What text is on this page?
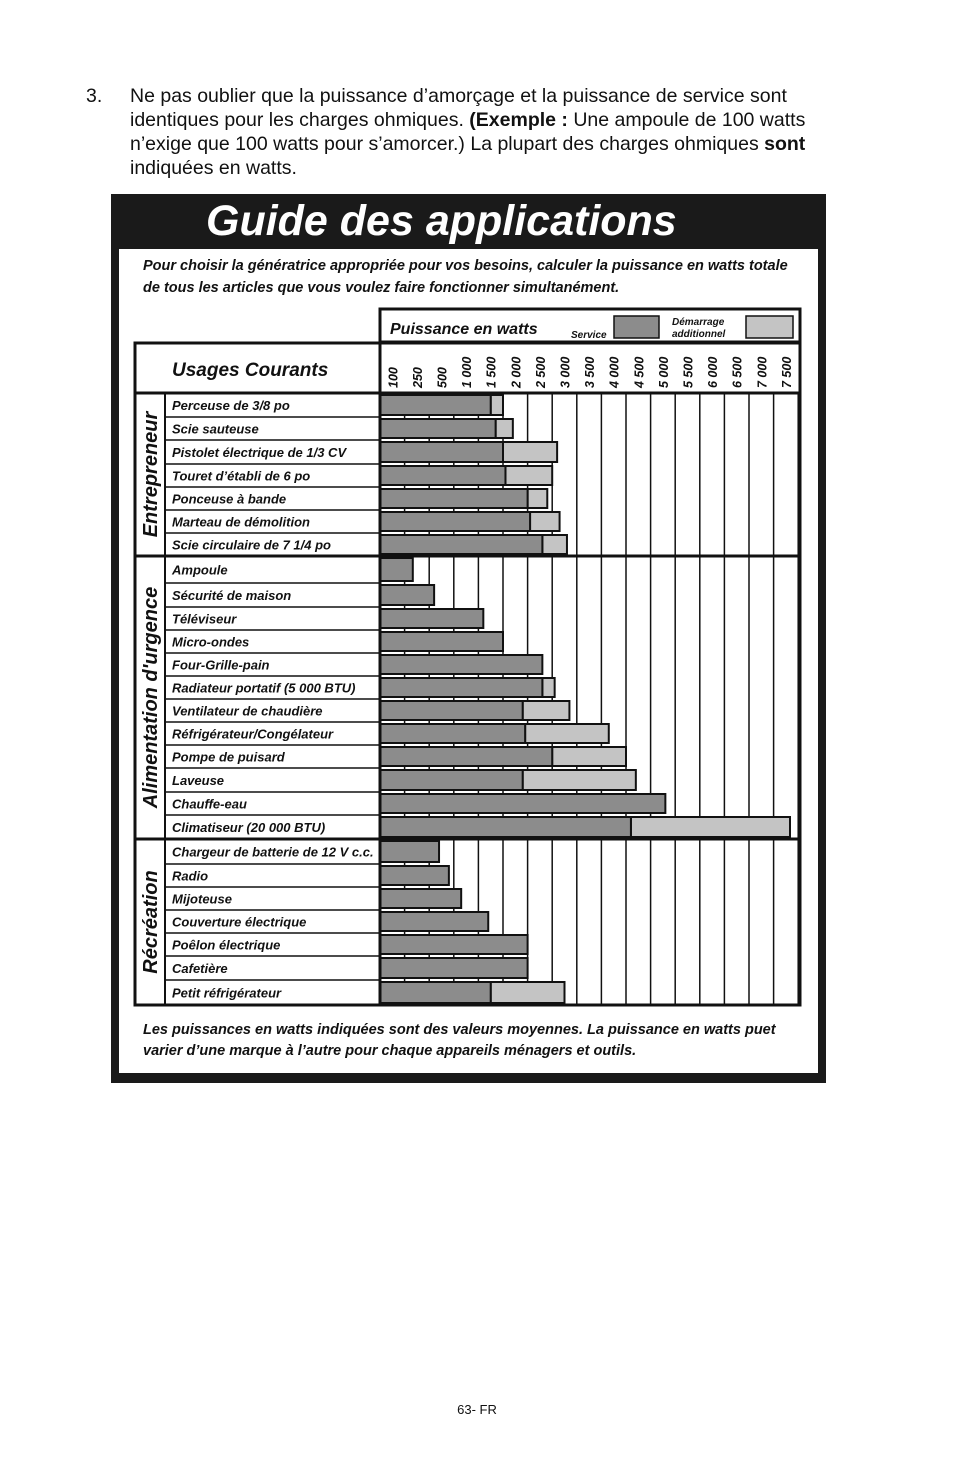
3. Ne pas oublier que la puissance d’amorçage et la puissance de service sont identiques pour les charges ohmiques. (Exemple : Une ampoule de 100 watts n’exige que 100 watts pour s’amorcer.) La plupart des charges ohmiques sont indiquées en watts.
Guide des applications
Pour choisir la génératrice appropriée pour vos besoins, calculer la puissance en watts totale de tous les articles que vous voulez faire fonctionner simultanément.
Les puissances en watts indiquées sont des valeurs moyennes. La puissance en watts puet varier d’une marque à l’autre pour chaque appareils ménagers et outils.
Puissance en watts	Service
Démarrage
additionnel
Usages Courants	100 250 500 1 000 1 500 2 000 2 500 3 000 3 500 4 000 4 500 5 000 5 500 6 000 6 500 7 000 7 500
Perceuse de 3/8 po
Scie sauteuse
Pistolet électrique de 1/3 CV
Touret d’établi de 6 po
Ponceuse à bande
Marteau de démolition
Scie circulaire de 7 1/4 po
Entrepreneur
Ampoule
Sécurité de maison
Téléviseur
Micro-ondes
Four-Grille-pain
Radiateur portatif (5 000 BTU)
Ventilateur de chaudière
Réfrigérateur/Congélateur
Pompe de puisard
Laveuse
Chauffe-eau
Climatiseur (20 000 BTU)
Alimentation d'urgence
Chargeur de batterie de 12 V c.c.
Radio
Mijoteuse
Couverture électrique
Poêlon électrique
Cafetière
Petit réfrigérateur
Récréation
63- FR
